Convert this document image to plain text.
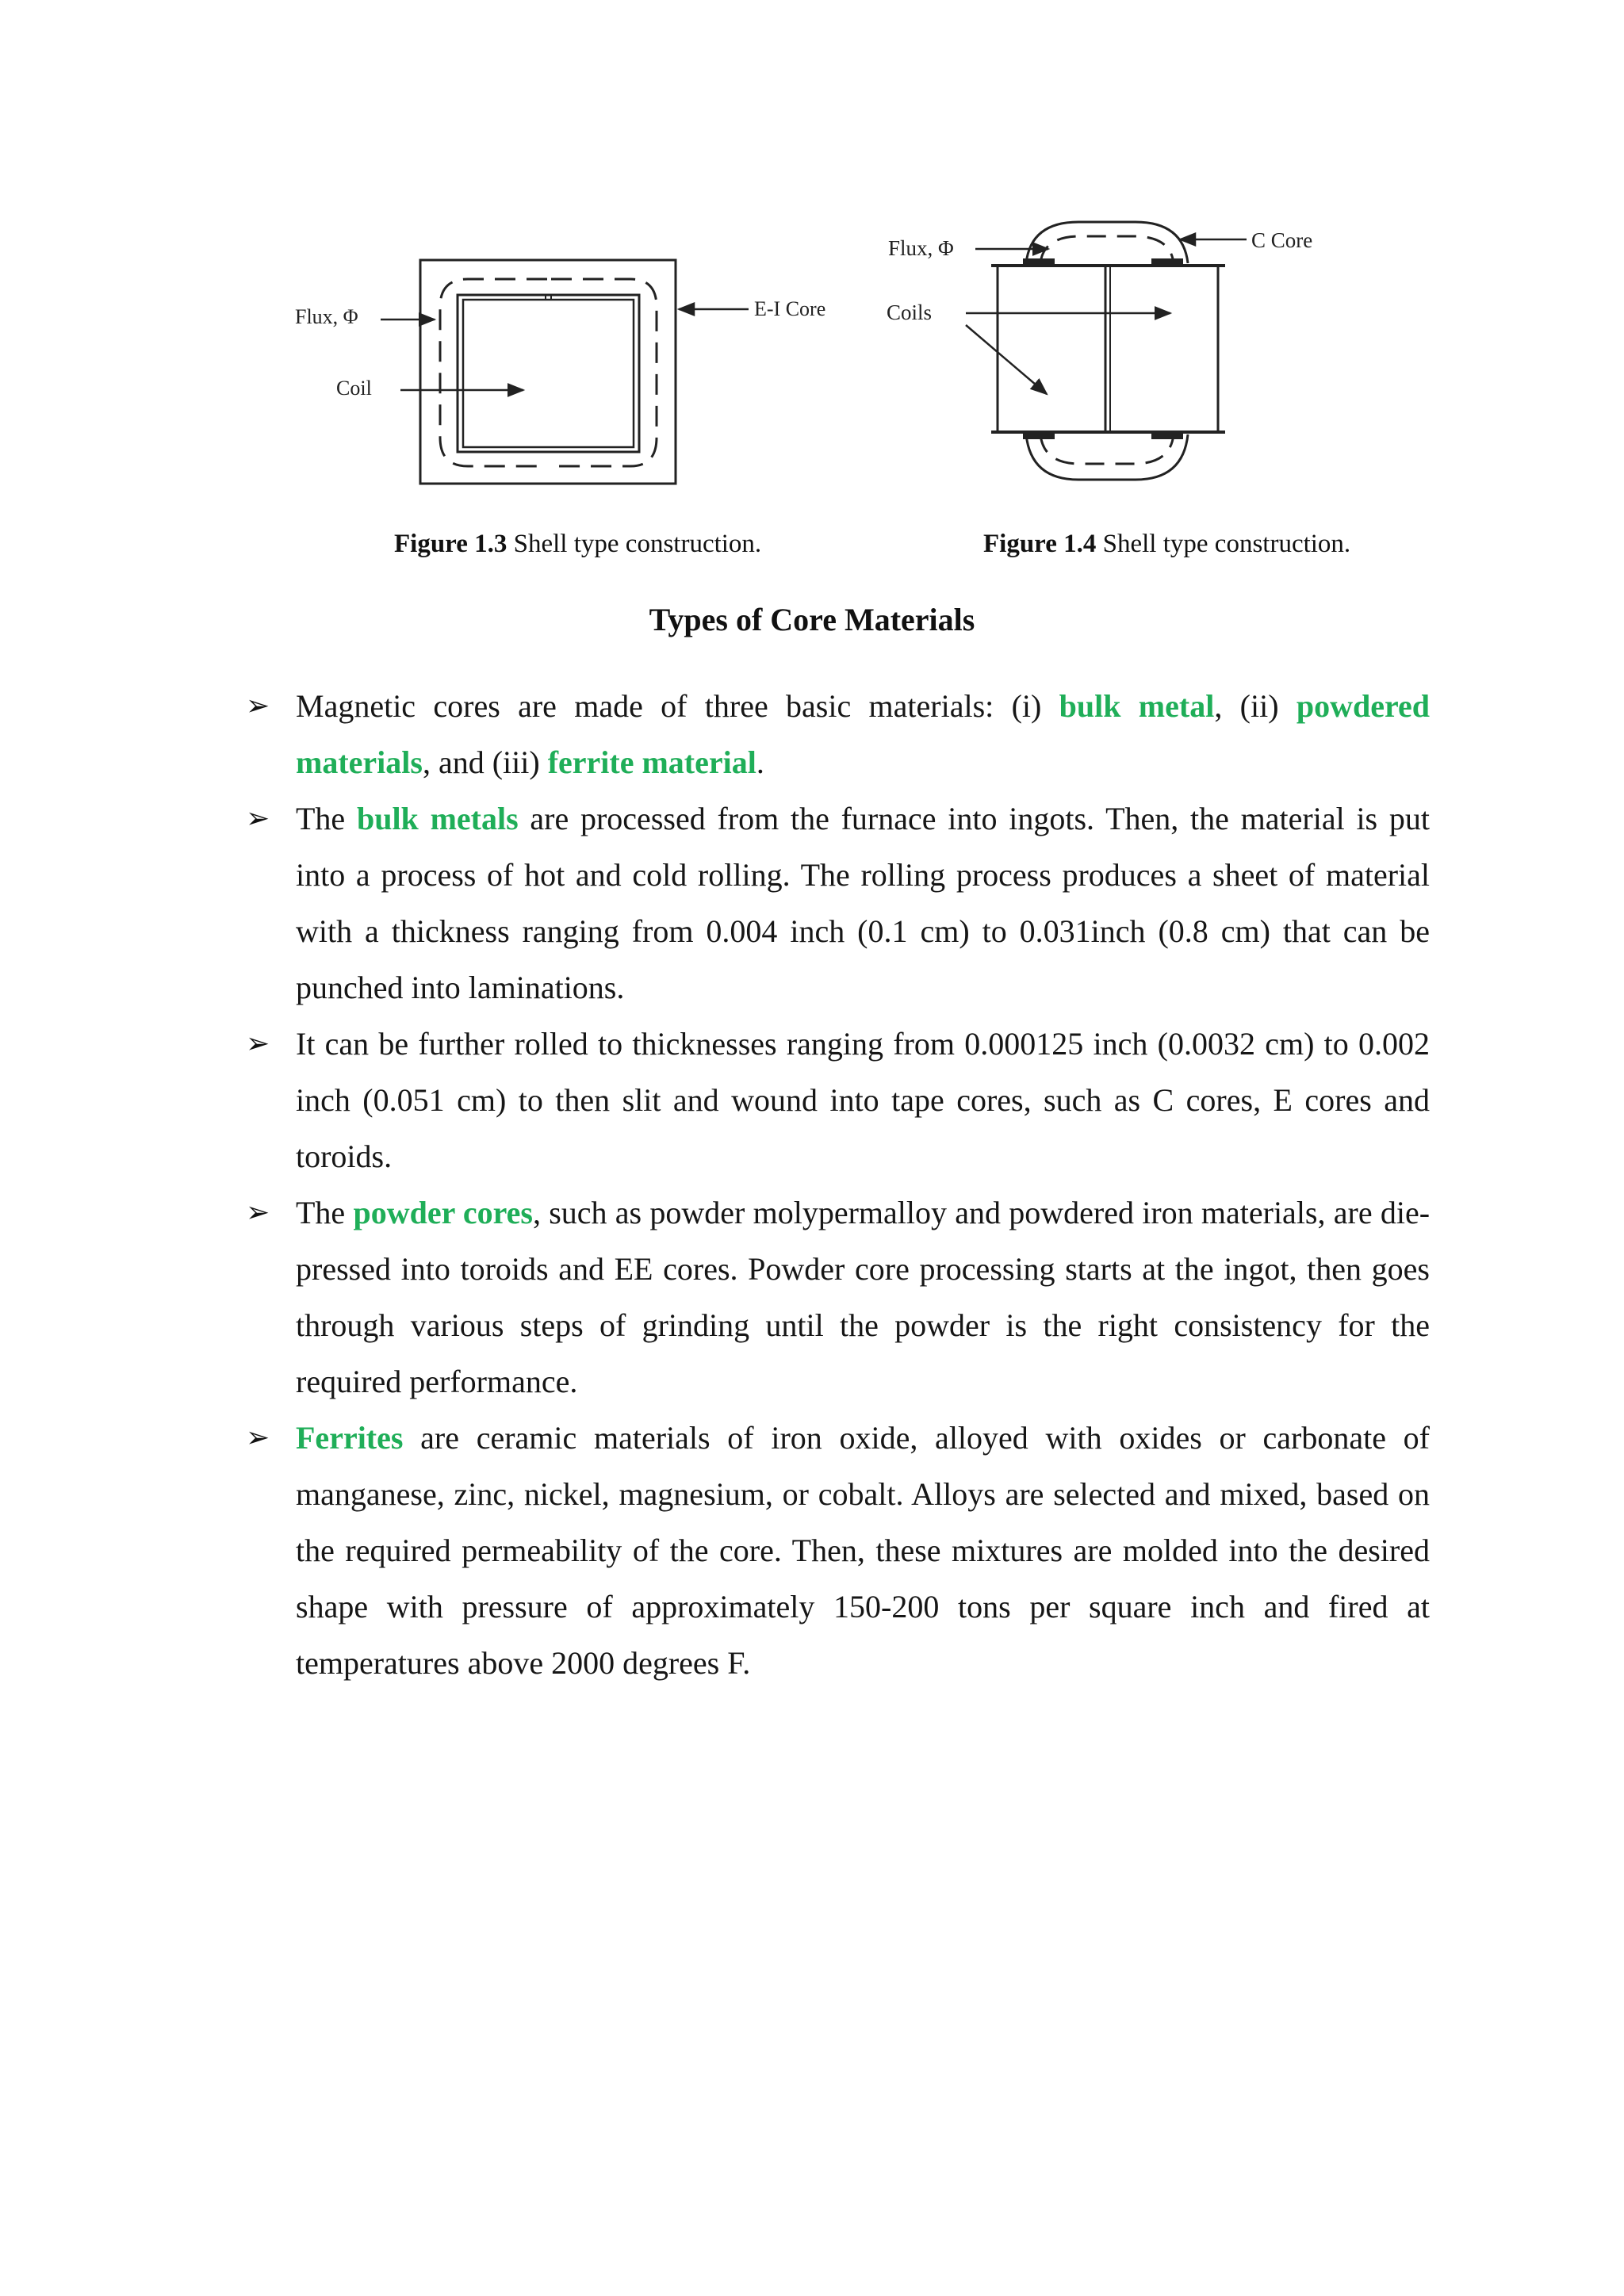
Flux, Φ
Coil
E-I Core
Flux, Φ
Coils
C Core
Figure 1.3 Shell type construction.	Figure 1.4 Shell type construction.
Types of Core Materials
➢ Magnetic cores are made of three basic materials: (i) bulk metal, (ii) powdered materials, and (iii) ferrite material.
➢ The bulk metals are processed from the furnace into ingots. Then, the material is put into a process of hot and cold rolling. The rolling process produces a sheet of material with a thickness ranging from 0.004 inch (0.1 cm) to 0.031inch (0.8 cm) that can be punched into laminations.
➢ It can be further rolled to thicknesses ranging from 0.000125 inch (0.0032 cm) to 0.002 inch (0.051 cm) to then slit and wound into tape cores, such as C cores, E cores and toroids.
➢ The powder cores, such as powder molypermalloy and powdered iron materials, are die-pressed into toroids and EE cores. Powder core processing starts at the ingot, then goes through various steps of grinding until the powder is the right consistency for the required performance.
➢ Ferrites are ceramic materials of iron oxide, alloyed with oxides or carbonate of manganese, zinc, nickel, magnesium, or cobalt. Alloys are selected and mixed, based on the required permeability of the core. Then, these mixtures are molded into the desired shape with pressure of approximately 150-200 tons per square inch and fired at temperatures above 2000 degrees F.
